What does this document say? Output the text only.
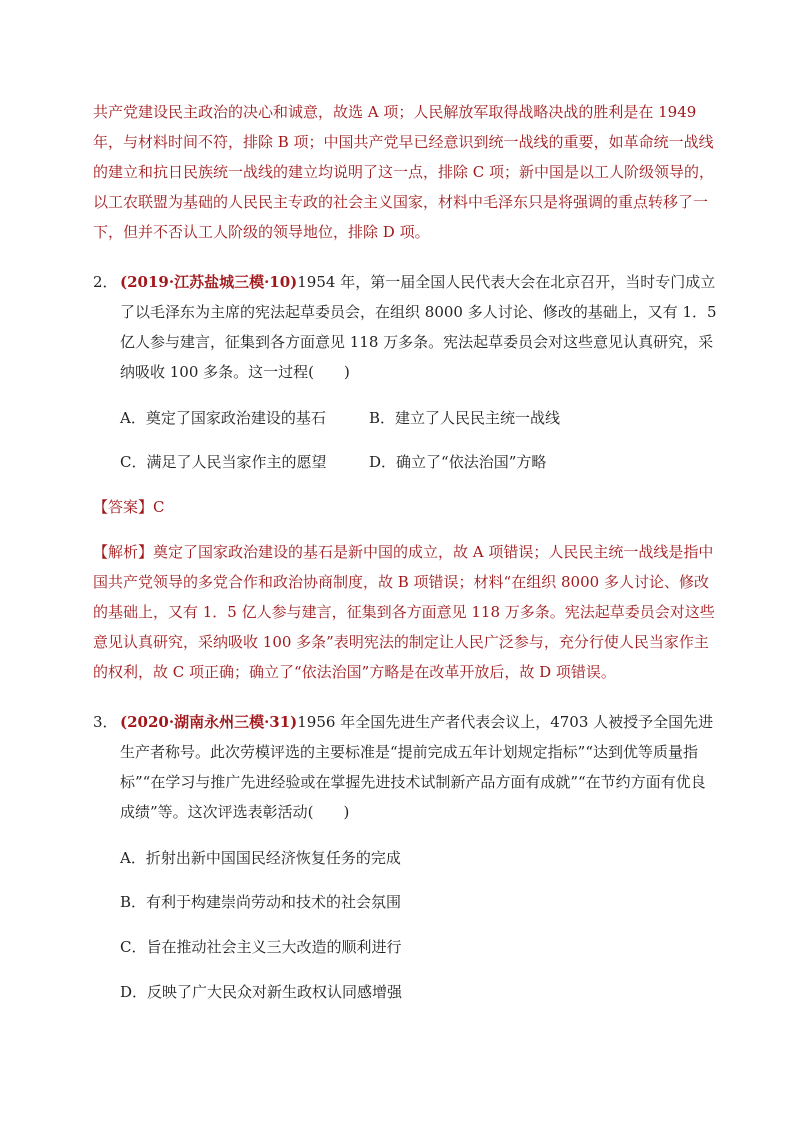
共产党建设民主政治的决心和诚意，故选 A 项；人民解放军取得战略决战的胜利是在 1949 年，与材料时间不符，排除 B 项；中国共产党早已经意识到统一战线的重要，如革命统一战线的建立和抗日民族统一战线的建立均说明了这一点，排除 C 项；新中国是以工人阶级领导的，以工农联盟为基础的人民民主专政的社会主义国家，材料中毛泽东只是将强调的重点转移了一下，但并不否认工人阶级的领导地位，排除 D 项。
2． (2019·江苏盐城三模·10)1954 年，第一届全国人民代表大会在北京召开，当时专门成立了以毛泽东为主席的宪法起草委员会，在组织 8000 多人讨论、修改的基础上，又有 1．5 亿人参与建言，征集到各方面意见 118 万多条。宪法起草委员会对这些意见认真研究，采纳吸收 100 多条。这一过程(　　)
A．奠定了国家政治建设的基石	B．建立了人民民主统一战线
C．满足了人民当家作主的愿望	D．确立了“依法治国”方略
【答案】C
【解析】奠定了国家政治建设的基石是新中国的成立，故 A 项错误；人民民主统一战线是指中国共产党领导的多党合作和政治协商制度，故 B 项错误；材料“在组织 8000 多人讨论、修改的基础上，又有 1．5 亿人参与建言，征集到各方面意见 118 万多条。宪法起草委员会对这些意见认真研究，采纳吸收 100 多条”表明宪法的制定让人民广泛参与，充分行使人民当家作主的权利，故 C 项正确；确立了“依法治国”方略是在改革开放后，故 D 项错误。
3． (2020·湖南永州三模·31)1956 年全国先进生产者代表会议上，4703 人被授予全国先进生产者称号。此次劳模评选的主要标准是“提前完成五年计划规定指标”“达到优等质量指标”“在学习与推广先进经验或在掌握先进技术试制新产品方面有成就”“在节约方面有优良成绩”等。这次评选表彰活动(　　)
A．折射出新中国国民经济恢复任务的完成
B．有利于构建崇尚劳动和技术的社会氛围
C．旨在推动社会主义三大改造的顺利进行
D．反映了广大民众对新生政权认同感增强
